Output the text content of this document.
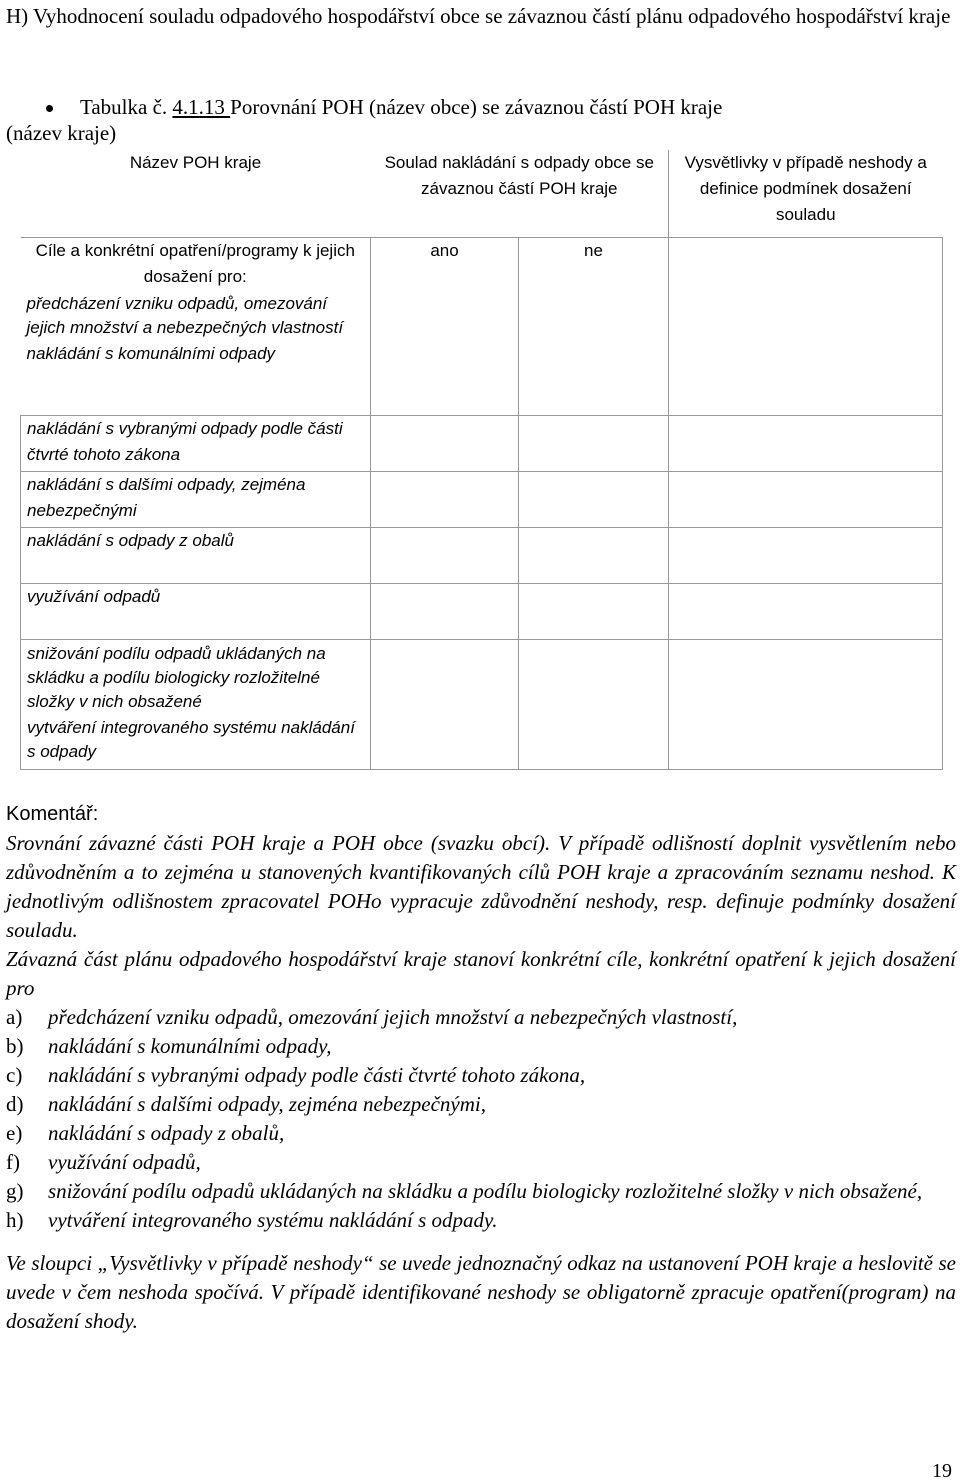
H) Vyhodnocení souladu odpadového hospodářství obce se závaznou částí plánu odpadového hospodářství kraje
Tabulka č. 4.1.13 Porovnání POH (název obce) se závaznou částí POH kraje
(název kraje)
Název POH kraje	Soulad nakládání s odpady obce se závaznou částí POH kraje		Vysvětlivky v případě neshody a definice podmínek dosažení souladu

Cíle a konkrétní opatření/programy k jejich dosažení pro:
předcházení vzniku odpadů, omezování jejich množství a nebezpečných vlastností
nakládání s komunálními odpady	ano	ne	
nakládání s vybranými odpady podle části čtvrté tohoto zákona			
nakládání s dalšími odpady, zejména nebezpečnými			
nakládání s odpady z obalů			
využívání odpadů			

snižování podílu odpadů ukládaných na skládku a podílu biologicky rozložitelné složky v nich obsažené
vytváření integrovaného systému nakládání s odpady			

Komentář:

Srovnání závazné části POH kraje a POH obce (svazku obcí). V případě odlišností doplnit vysvětlením nebo zdůvodněním a to zejména u stanovených kvantifikovaných cílů POH kraje a zpracováním seznamu neshod. K jednotlivým odlišnostem zpracovatel POHo vypracuje zdůvodnění neshody, resp. definuje podmínky dosažení souladu.

Závazná část plánu odpadového hospodářství kraje stanoví konkrétní cíle, konkrétní opatření k jejich dosažení pro

a) předcházení vzniku odpadů, omezování jejich množství a nebezpečných vlastností,
b) nakládání s komunálními odpady,
c) nakládání s vybranými odpady podle části čtvrté tohoto zákona,
d) nakládání s dalšími odpady, zejména nebezpečnými,
e) nakládání s odpady z obalů,
f) využívání odpadů,
g) snižování podílu odpadů ukládaných na skládku a podílu biologicky rozložitelné složky v nich obsažené,
h) vytváření integrovaného systému nakládání s odpady.

Ve sloupci „Vysvětlivky v případě neshody“ se uvede jednoznačný odkaz na ustanovení POH kraje a heslovitě se uvede v čem neshoda spočívá. V případě identifikované neshody se obligatorně zpracuje opatření(program) na dosažení shody.

19
